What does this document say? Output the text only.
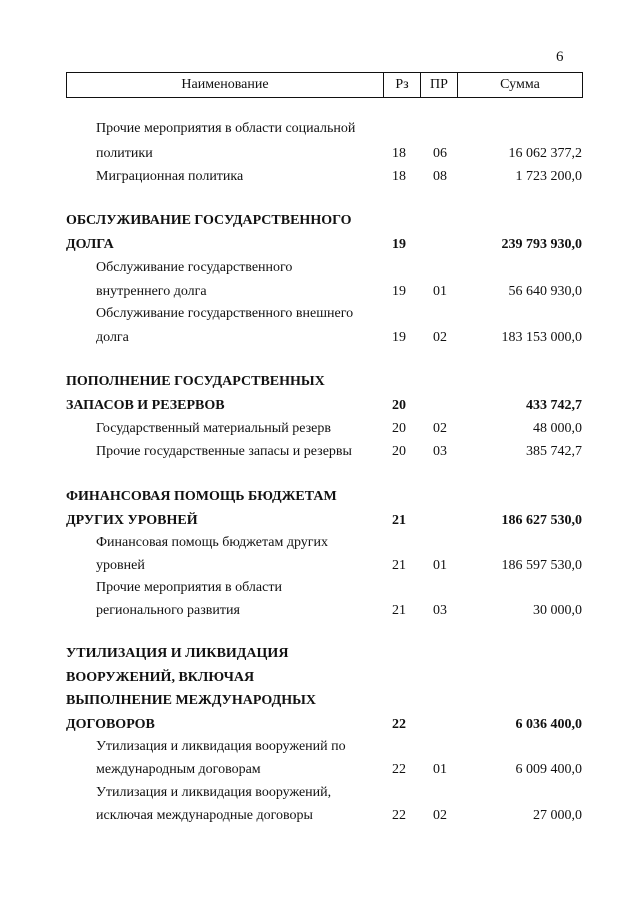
6
Наименование	Рз	ПР	Сумма
Прочие мероприятия в области социальной
политики	18 06	16 062 377,2
Миграционная политика	18 08	1 723 200,0
ОБСЛУЖИВАНИЕ ГОСУДАРСТВЕННОГО
ДОЛГА	19	239 793 930,0
Обслуживание государственного
внутреннего долга	19 01	56 640 930,0
Обслуживание государственного внешнего
долга	19 02	183 153 000,0
ПОПОЛНЕНИЕ ГОСУДАРСТВЕННЫХ
ЗАПАСОВ И РЕЗЕРВОВ	20	433 742,7
Государственный материальный резерв	20 02	48 000,0
Прочие государственные запасы и резервы	20 03	385 742,7
ФИНАНСОВАЯ ПОМОЩЬ БЮДЖЕТАМ
ДРУГИХ УРОВНЕЙ	21	186 627 530,0
Финансовая помощь бюджетам других
уровней	21 01	186 597 530,0
Прочие мероприятия в области
регионального развития	21 03	30 000,0
УТИЛИЗАЦИЯ И ЛИКВИДАЦИЯ
ВООРУЖЕНИЙ, ВКЛЮЧАЯ
ВЫПОЛНЕНИЕ МЕЖДУНАРОДНЫХ
ДОГОВОРОВ	22	6 036 400,0
Утилизация и ликвидация вооружений по
международным договорам	22 01	6 009 400,0
Утилизация и ликвидация вооружений,
исключая международные договоры	22 02	27 000,0
